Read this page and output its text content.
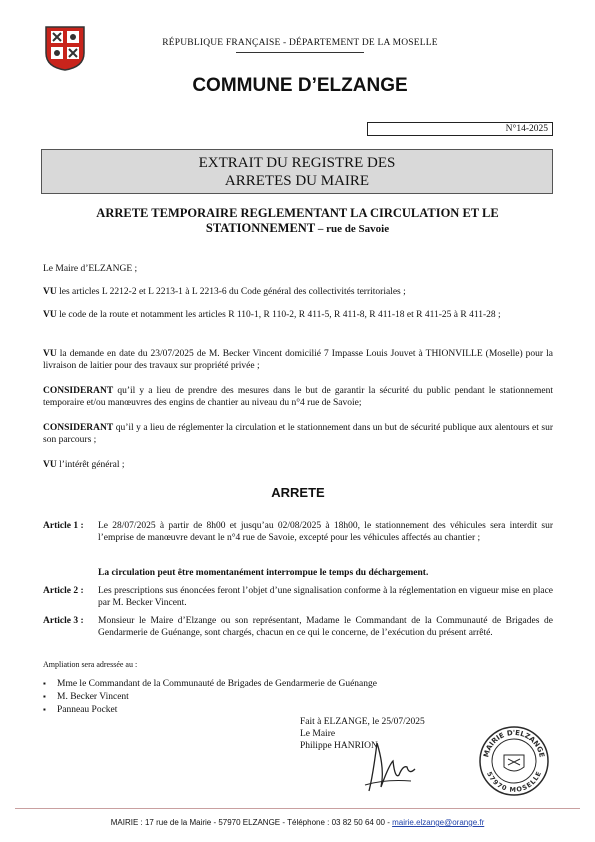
RÉPUBLIQUE FRANÇAISE - DÉPARTEMENT DE LA MOSELLE
COMMUNE D’ELZANGE
N°14-2025
EXTRAIT DU REGISTRE DES
ARRETES DU MAIRE
ARRETE TEMPORAIRE REGLEMENTANT LA CIRCULATION ET LE
STATIONNEMENT – rue de Savoie
Le Maire d’ELZANGE ;
VU les articles L 2212-2 et L 2213-1 à L 2213-6 du Code général des collectivités territoriales ;
VU le code de la route et notamment les articles R 110-1, R 110-2, R 411-5, R 411-8, R 411-18 et R 411-25 à R 411-28 ;
VU la demande en date du 23/07/2025 de M. Becker Vincent domicilié 7 Impasse Louis Jouvet à THIONVILLE (Moselle) pour la livraison de laitier pour des travaux sur propriété privée ;
CONSIDERANT qu’il y a lieu de prendre des mesures dans le but de garantir la sécurité du public pendant le stationnement temporaire et/ou manœuvres des engins de chantier au niveau du n°4 rue de Savoie;
CONSIDERANT qu’il y a lieu de réglementer la circulation et le stationnement dans un but de sécurité publique aux alentours et sur son parcours ;
VU l’intérêt général ;
ARRETE
Article 1 :	Le 28/07/2025 à partir de 8h00 et jusqu’au 02/08/2025 à 18h00, le stationnement des véhicules sera interdit sur l’emprise de manœuvre devant le n°4 rue de Savoie, excepté pour les véhicules affectés au chantier ;
La circulation peut être momentanément interrompue le temps du déchargement.
Article 2 :	Les prescriptions sus énoncées feront l’objet d’une signalisation conforme à la réglementation en vigueur mise en place par M. Becker Vincent.
Article 3 :	Monsieur le Maire d’Elzange ou son représentant, Madame le Commandant de la Communauté de Brigades de Gendarmerie de Guénange, sont chargés, chacun en ce qui le concerne, de l’exécution du présent arrêté.
Ampliation sera adressée au :
▪ Mme le Commandant de la Communauté de Brigades de Gendarmerie de Guénange
▪ M. Becker Vincent
▪ Panneau Pocket
Fait à ELZANGE, le 25/07/2025
Le Maire
Philippe HANRION
MAIRIE D'ELZANGE
57970 MOSELLE
MAIRIE : 17 rue de la Mairie - 57970 ELZANGE - Téléphone : 03 82 50 64 00 - mairie.elzange@orange.fr
